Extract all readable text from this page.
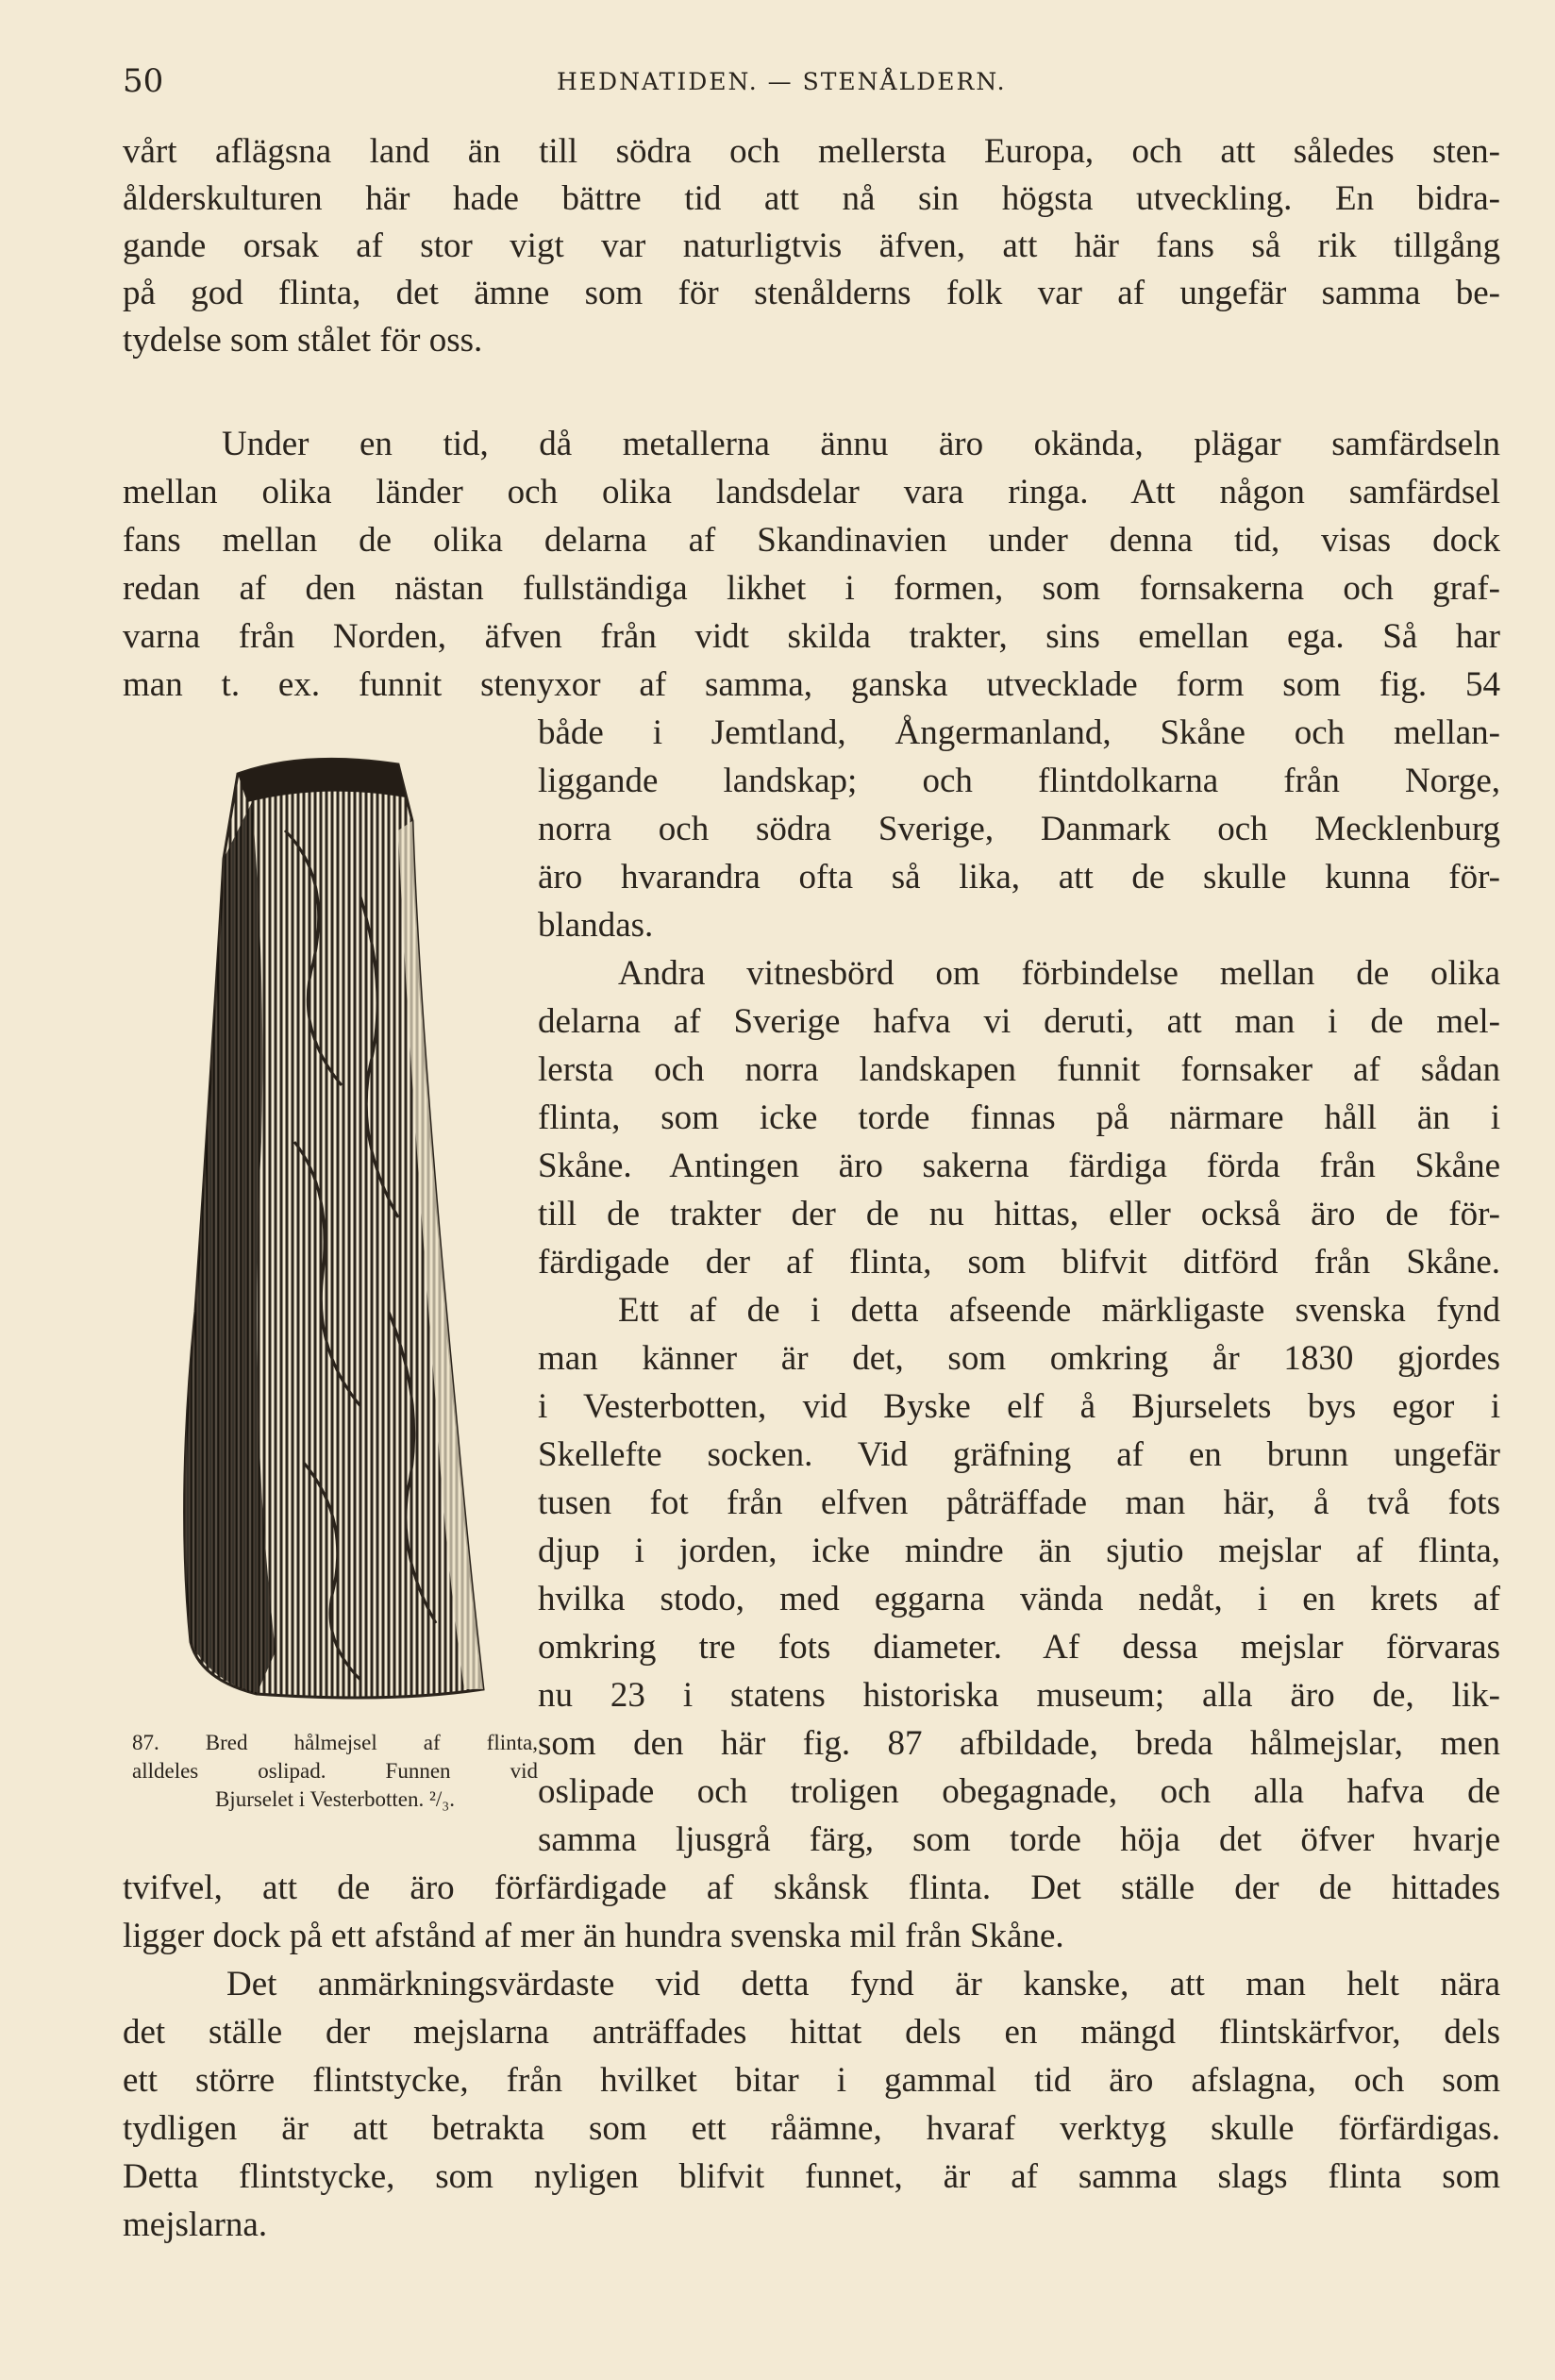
50	HEDNATIDEN. — STENÅLDERN.

vårt aflägsna land än till södra och mellersta Europa, och att således sten-

ålderskulturen här hade bättre tid att nå sin högsta utveckling. En bidra-

gande orsak af stor vigt var naturligtvis äfven, att här fans så rik tillgång

på god flinta, det ämne som för stenålderns folk var af ungefär samma be-

tydelse som stålet för oss.

Under en tid, då metallerna ännu äro okända, plägar samfärdseln

mellan olika länder och olika landsdelar vara ringa. Att någon samfärdsel

fans mellan de olika delarna af Skandinavien under denna tid, visas dock

redan af den nästan fullständiga likhet i formen, som fornsakerna och graf-

varna från Norden, äfven från vidt skilda trakter, sins emellan ega. Så har

man t. ex. funnit stenyxor af samma, ganska utvecklade form som fig. 54

både i Jemtland, Ångermanland, Skåne och mellan-

liggande landskap; och flintdolkarna från Norge,

norra och södra Sverige, Danmark och Mecklenburg

äro hvarandra ofta så lika, att de skulle kunna för-

blandas.

Andra vitnesbörd om förbindelse mellan de olika

delarna af Sverige hafva vi deruti, att man i de mel-

lersta och norra landskapen funnit fornsaker af sådan

flinta, som icke torde finnas på närmare håll än i

Skåne. Antingen äro sakerna färdiga förda från Skåne

till de trakter der de nu hittas, eller också äro de för-

färdigade der af flinta, som blifvit ditförd från Skåne.

Ett af de i detta afseende märkligaste svenska fynd

man känner är det, som omkring år 1830 gjordes

i Vesterbotten, vid Byske elf å Bjurselets bys egor i

Skellefte socken. Vid gräfning af en brunn ungefär

tusen fot från elfven påträffade man här, å två fots

djup i jorden, icke mindre än sjutio mejslar af flinta,

hvilka stodo, med eggarna vända nedåt, i en krets af

omkring tre fots diameter. Af dessa mejslar förvaras

nu 23 i statens historiska museum; alla äro de, lik-

som den här fig. 87 afbildade, breda hålmejslar, men

oslipade och troligen obegagnade, och alla hafva de

samma ljusgrå färg, som torde höja det öfver hvarje

tvifvel, att de äro förfärdigade af skånsk flinta. Det ställe der de hittades

ligger dock på ett afstånd af mer än hundra svenska mil från Skåne.

Det anmärkningsvärdaste vid detta fynd är kanske, att man helt nära

det ställe der mejslarna anträffades hittat dels en mängd flintskärfvor, dels

ett större flintstycke, från hvilket bitar i gammal tid äro afslagna, och som

tydligen är att betrakta som ett råämne, hvaraf verktyg skulle förfärdigas.

Detta flintstycke, som nyligen blifvit funnet, är af samma slags flinta som

mejslarna.

87. Bred hålmejsel af flinta,

alldeles oslipad. Funnen vid

Bjurselet i Vesterbotten. ²/₃.
